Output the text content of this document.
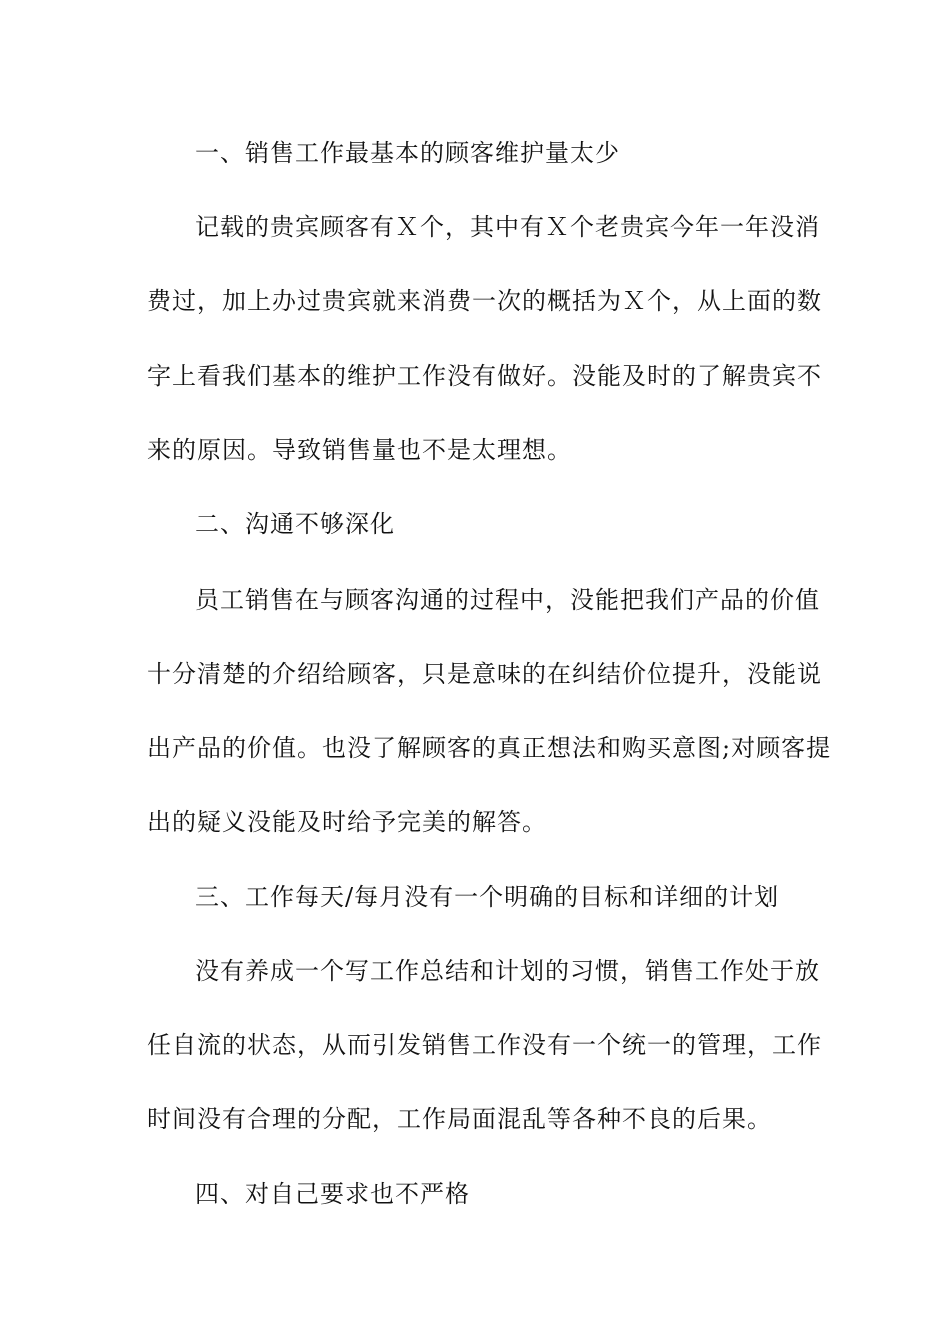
一、销售工作最基本的顾客维护量太少
记载的贵宾顾客有Ｘ个，其中有Ｘ个老贵宾今年一年没消
费过，加上办过贵宾就来消费一次的概括为Ｘ个，从上面的数
字上看我们基本的维护工作没有做好。没能及时的了解贵宾不
来的原因。导致销售量也不是太理想。
二、沟通不够深化
员工销售在与顾客沟通的过程中，没能把我们产品的价值
十分清楚的介绍给顾客，只是意味的在纠结价位提升，没能说
出产品的价值。也没了解顾客的真正想法和购买意图;对顾客提
出的疑义没能及时给予完美的解答。
三、工作每天/每月没有一个明确的目标和详细的计划
没有养成一个写工作总结和计划的习惯，销售工作处于放
任自流的状态，从而引发销售工作没有一个统一的管理，工作
时间没有合理的分配，工作局面混乱等各种不良的后果。
四、对自己要求也不严格
